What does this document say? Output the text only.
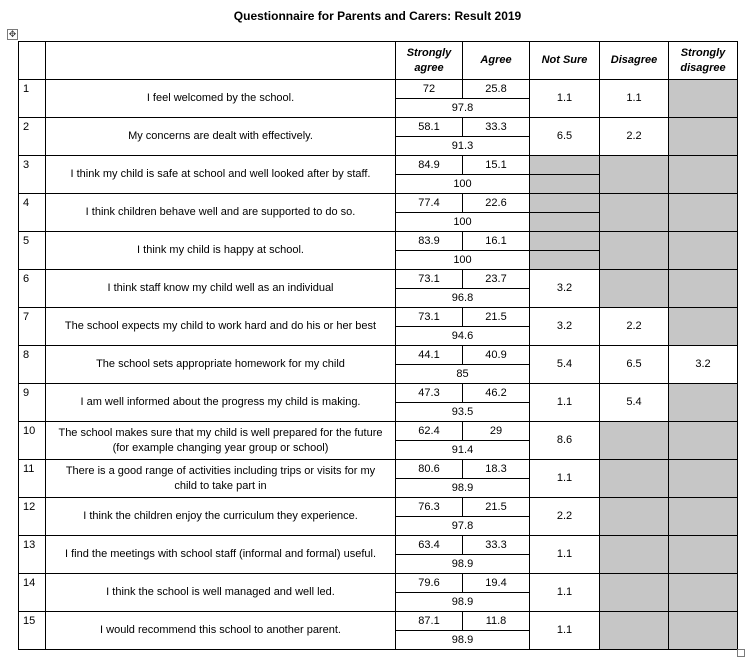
Questionnaire for Parents and Carers: Result 2019
✥
		Strongly agree	Agree	Not Sure	Disagree	Strongly disagree
1	I feel welcomed by the school.	72	25.8	1.1	1.1	
		97.8				
2	My concerns are dealt with effectively.	58.1	33.3	6.5	2.2	
		91.3				
3	I think my child is safe at school and well looked after by staff.	84.9	15.1			
		100				
4	I think children behave well and are supported to do so.	77.4	22.6			
		100				
5	I think my child is happy at school.	83.9	16.1			
		100				
6	I think staff know my child well as an individual	73.1	23.7	3.2		
		96.8				
7	The school expects my child to work hard and do his or her best	73.1	21.5	3.2	2.2	
		94.6				
8	The school sets appropriate homework for my child	44.1	40.9	5.4	6.5	3.2
		85				
9	I am well informed about the progress my child is making.	47.3	46.2	1.1	5.4	
		93.5				
10	The school makes sure that my child is well prepared for the future (for example changing year group or school)	62.4	29	8.6		
		91.4				
11	There is a good range of activities including trips or visits for my child to take part in	80.6	18.3	1.1		
		98.9				
12	I think the children enjoy the curriculum they experience.	76.3	21.5	2.2		
		97.8				
13	I find the meetings with school staff (informal and formal) useful.	63.4	33.3	1.1		
		98.9				
14	I think the school is well managed and well led.	79.6	19.4	1.1		
		98.9				
15	I would recommend this school to another parent.	87.1	11.8	1.1		
		98.9				
